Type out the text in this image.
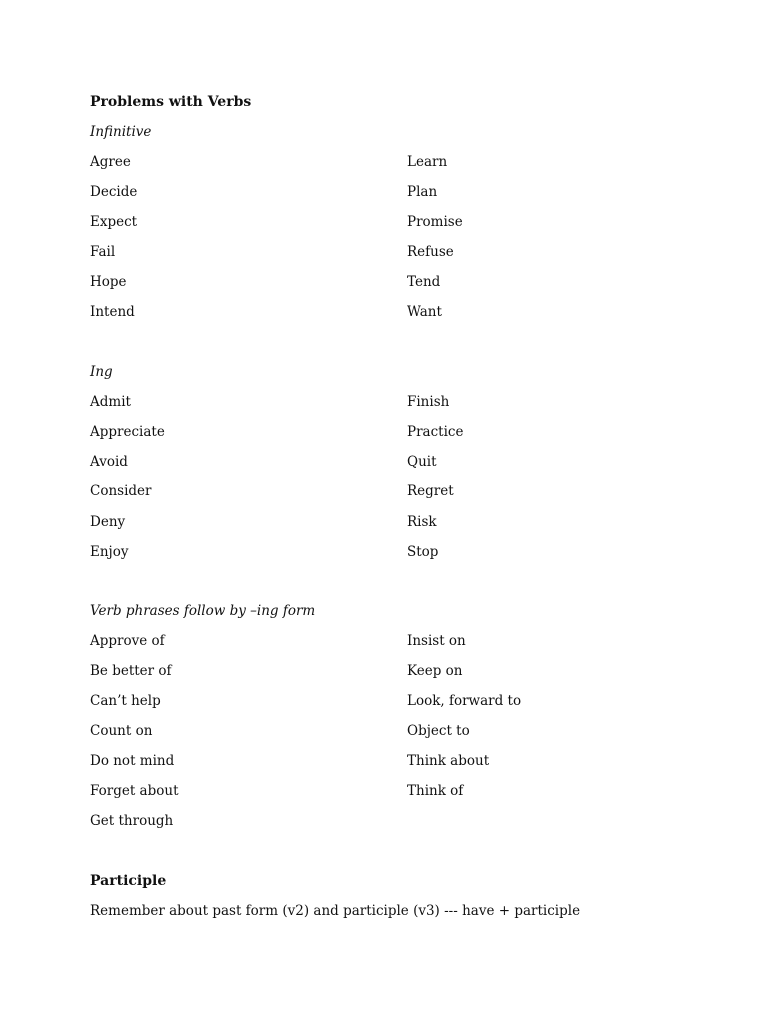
Problems with Verbs
Infinitive
Agree	Learn
Decide	Plan
Expect	Promise
Fail	Refuse
Hope	Tend
Intend	Want
Ing
Admit	Finish
Appreciate	Practice
Avoid	Quit
Consider	Regret
Deny	Risk
Enjoy	Stop
Verb phrases follow by –ing form
Approve of	Insist on
Be better of	Keep on
Can’t help	Look, forward to
Count on	Object to
Do not mind	Think about
Forget about	Think of
Get through
Participle
Remember about past form (v2) and participle (v3) --- have + participle
